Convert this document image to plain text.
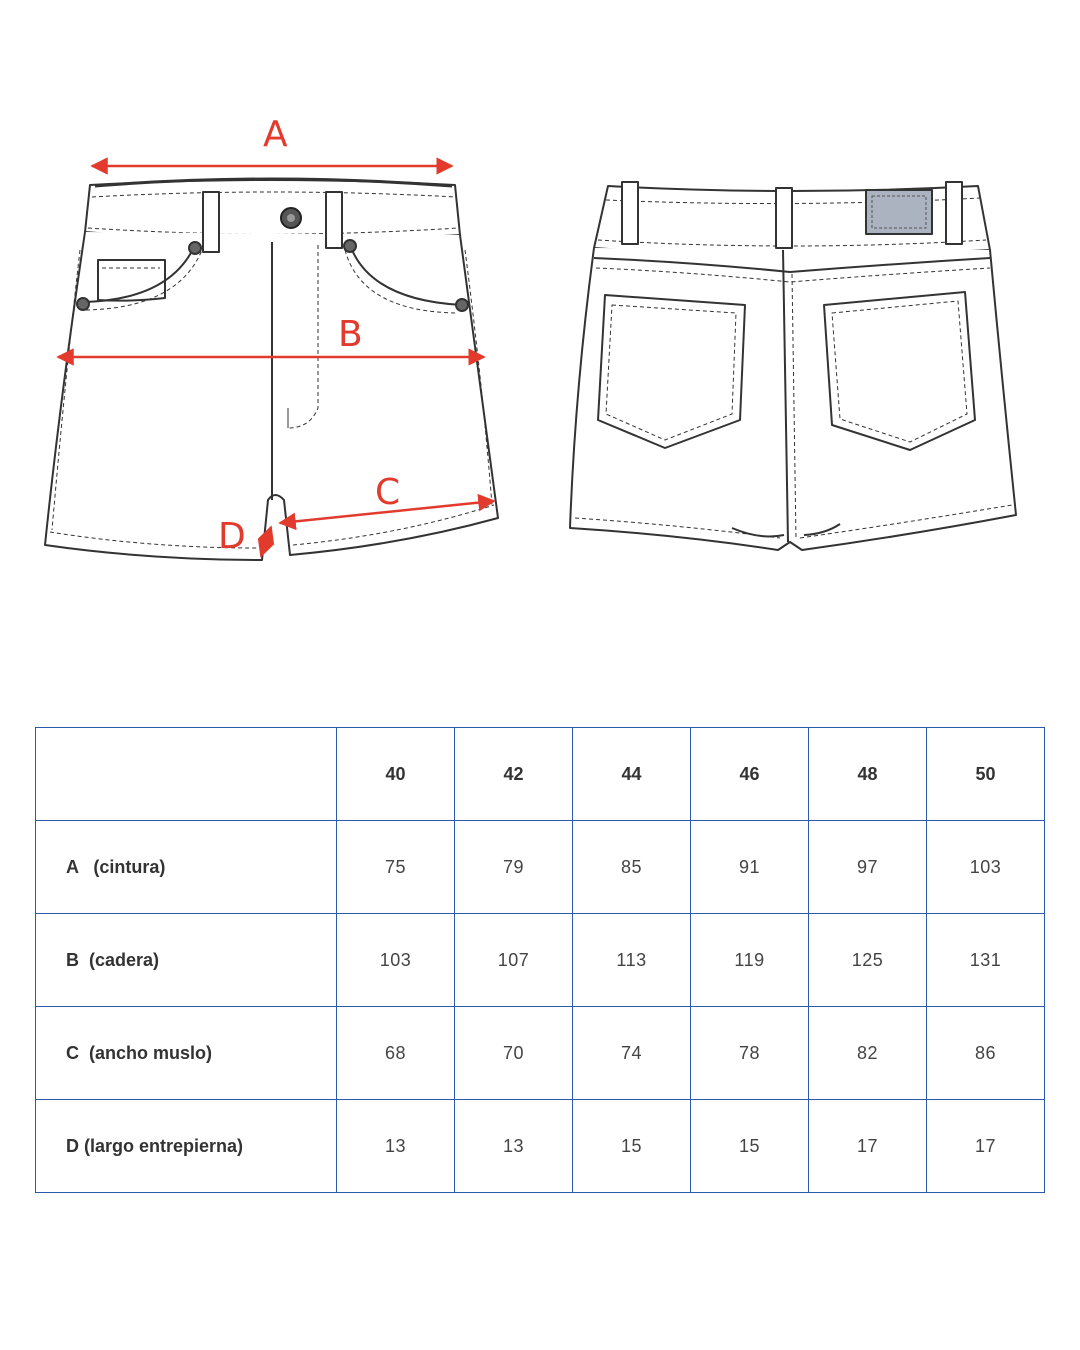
A
B
C
D
	40	42	44	46	48	50
A   (cintura)	75	79	85	91	97	103
B  (cadera)	103	107	113	119	125	131
C  (ancho muslo)	68	70	74	78	82	86
D (largo entrepierna)	13	13	15	15	17	17
